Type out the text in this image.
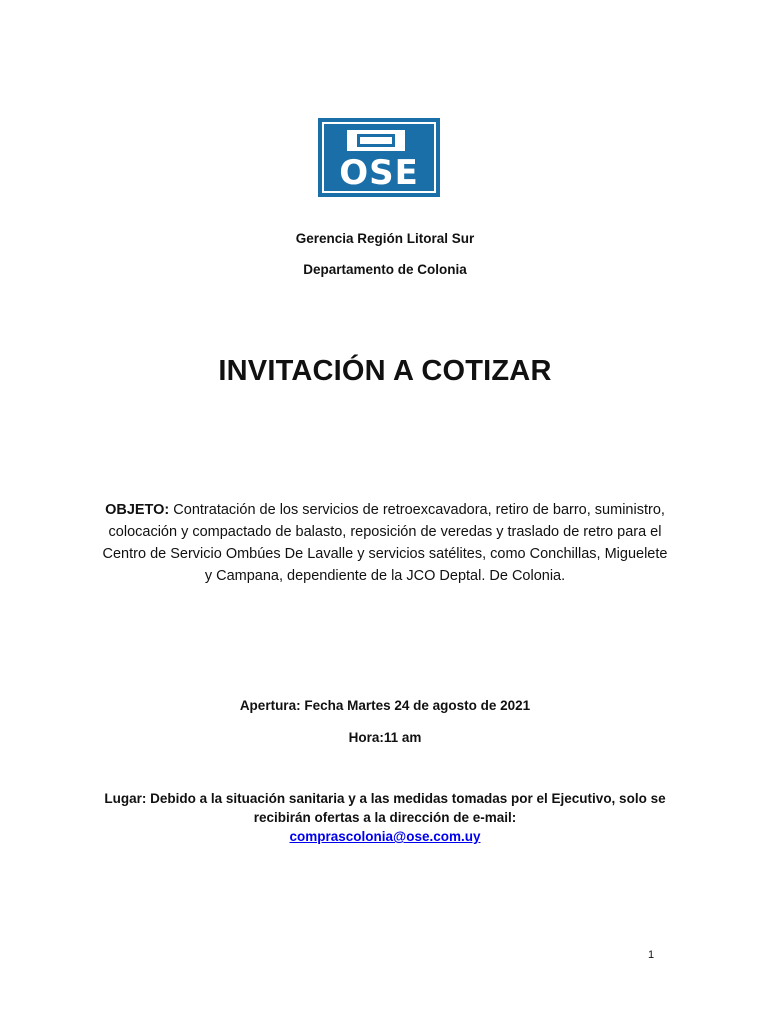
OSE
Gerencia Región Litoral Sur
Departamento de Colonia
INVITACIÓN A COTIZAR
OBJETO: Contratación de los servicios de retroexcavadora, retiro de barro, suministro, colocación y compactado de balasto, reposición de veredas y traslado de retro para el Centro de Servicio Ombúes De Lavalle y servicios satélites, como Conchillas, Miguelete y Campana, dependiente de la JCO Deptal. De Colonia.
Apertura: Fecha Martes 24 de agosto de 2021
Hora:11 am
Lugar: Debido a la situación sanitaria y a las medidas tomadas por el Ejecutivo, solo se recibirán ofertas a la dirección de e-mail:
comprascolonia@ose.com.uy
1
